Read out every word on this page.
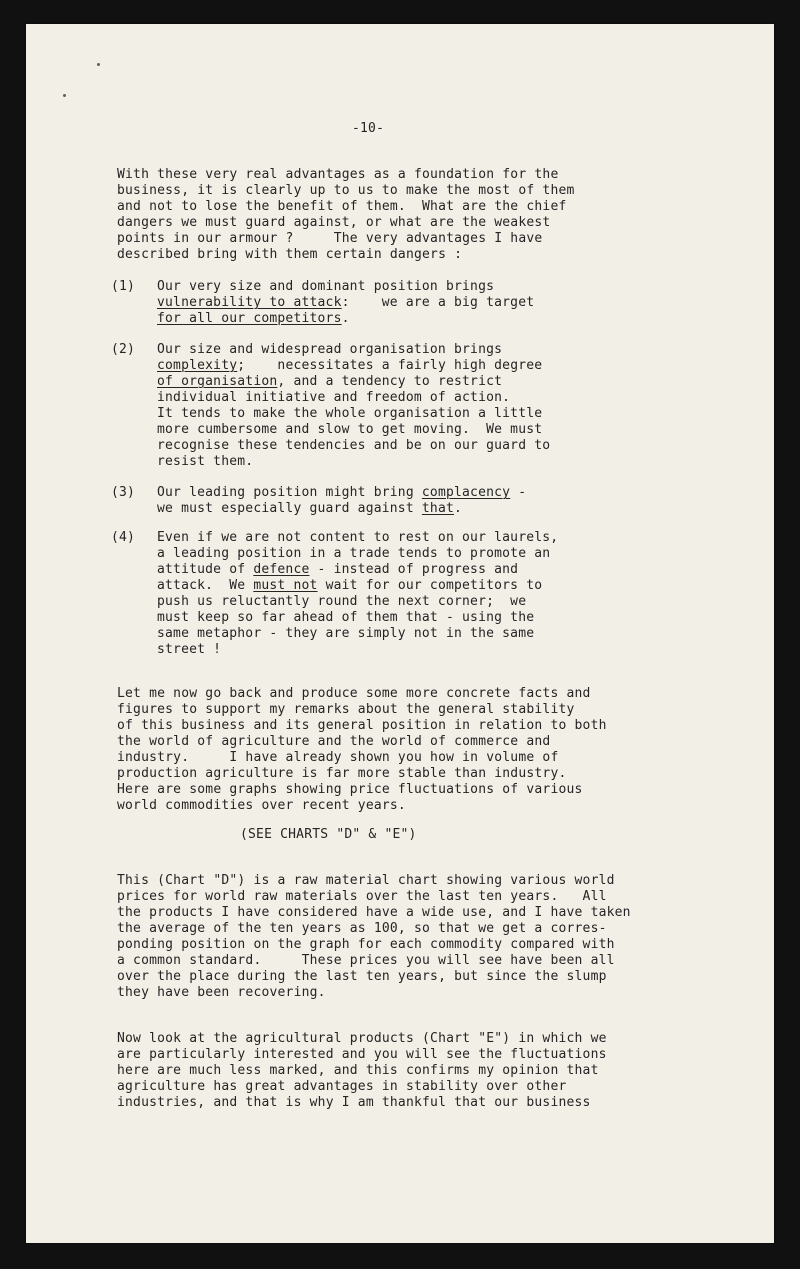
-10-

With these very real advantages as a foundation for the

business, it is clearly up to us to make the most of them

and not to lose the benefit of them.  What are the chief

dangers we must guard against, or what are the weakest

points in our armour ?     The very advantages I have

described bring with them certain dangers :

(1)	Our very size and dominant position brings

vulnerability to attack:    we are a big target

for all our competitors.

(2)	Our size and widespread organisation brings

complexity;    necessitates a fairly high degree

of organisation, and a tendency to restrict

individual initiative and freedom of action.

It tends to make the whole organisation a little

more cumbersome and slow to get moving.  We must

recognise these tendencies and be on our guard to

resist them.

(3)	Our leading position might bring complacency -

we must especially guard against that.

(4)	Even if we are not content to rest on our laurels,

a leading position in a trade tends to promote an

attitude of defence - instead of progress and

attack.  We must not wait for our competitors to

push us reluctantly round the next corner;  we

must keep so far ahead of them that - using the

same metaphor - they are simply not in the same

street !

Let me now go back and produce some more concrete facts and

figures to support my remarks about the general stability

of this business and its general position in relation to both

the world of agriculture and the world of commerce and

industry.     I have already shown you how in volume of

production agriculture is far more stable than industry.

Here are some graphs showing price fluctuations of various

world commodities over recent years.

(SEE CHARTS "D" & "E")

This (Chart "D") is a raw material chart showing various world

prices for world raw materials over the last ten years.   All

the products I have considered have a wide use, and I have taken

the average of the ten years as 100, so that we get a corres-

ponding position on the graph for each commodity compared with

a common standard.     These prices you will see have been all

over the place during the last ten years, but since the slump

they have been recovering.

Now look at the agricultural products (Chart "E") in which we

are particularly interested and you will see the fluctuations

here are much less marked, and this confirms my opinion that

agriculture has great advantages in stability over other

industries, and that is why I am thankful that our business
